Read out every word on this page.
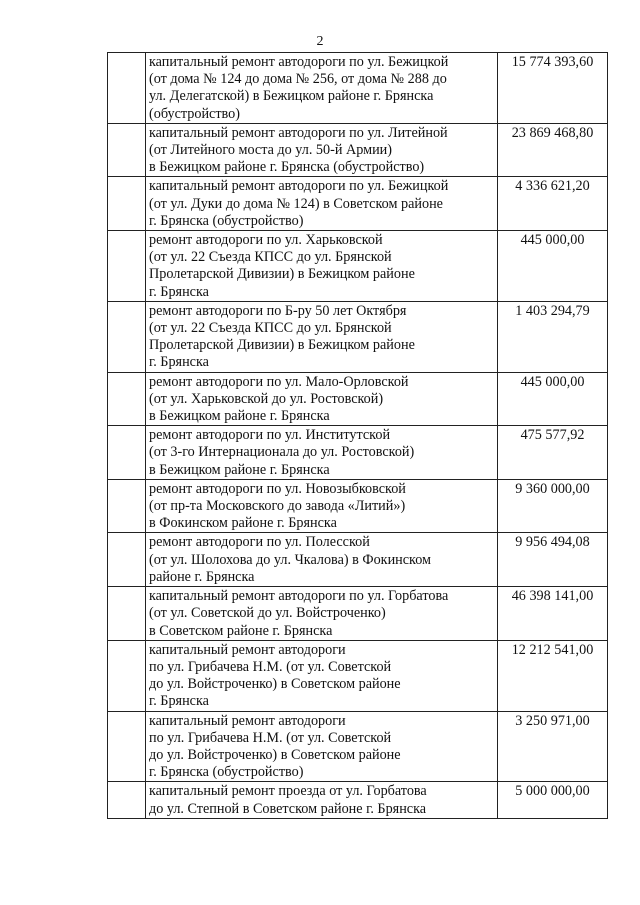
2
	капитальный ремонт автодороги по ул. Бежицкой
(от дома № 124 до дома № 256, от дома № 288 до
ул. Делегатской) в Бежицком районе г. Брянска
(обустройство)	15 774 393,60
	капитальный ремонт автодороги по ул. Литейной
(от Литейного моста до ул. 50-й Армии)
в Бежицком районе г. Брянска (обустройство)	23 869 468,80
	капитальный ремонт автодороги по ул. Бежицкой
(от ул. Дуки до дома № 124) в Советском районе
г. Брянска (обустройство)	4 336 621,20
	ремонт автодороги по ул. Харьковской
(от ул. 22 Съезда КПСС до ул. Брянской
Пролетарской Дивизии) в Бежицком районе
г. Брянска	445 000,00
	ремонт автодороги по Б-ру 50 лет Октября
(от ул. 22 Съезда КПСС до ул. Брянской
Пролетарской Дивизии) в Бежицком районе
г. Брянска	1 403 294,79
	ремонт автодороги по ул. Мало-Орловской
(от ул. Харьковской до ул. Ростовской)
в Бежицком районе г. Брянска	445 000,00
	ремонт автодороги по ул. Институтской
(от 3-го Интернационала до ул. Ростовской)
в Бежицком районе г. Брянска	475 577,92
	ремонт автодороги по ул. Новозыбковской
(от пр-та Московского до завода «Литий»)
в Фокинском районе г. Брянска	9 360 000,00
	ремонт автодороги по ул. Полесской
(от ул. Шолохова до ул. Чкалова) в Фокинском
районе г. Брянска	9 956 494,08
	капитальный ремонт автодороги по ул. Горбатова
(от ул. Советской до ул. Войстроченко)
в Советском районе г. Брянска	46 398 141,00
	капитальный ремонт автодороги
по ул. Грибачева Н.М. (от ул. Советской
до ул. Войстроченко) в Советском районе
г. Брянска	12 212 541,00
	капитальный ремонт автодороги
по ул. Грибачева Н.М. (от ул. Советской
до ул. Войстроченко) в Советском районе
г. Брянска (обустройство)	3 250 971,00
	капитальный ремонт проезда от ул. Горбатова
до ул. Степной в Советском районе г. Брянска	5 000 000,00
